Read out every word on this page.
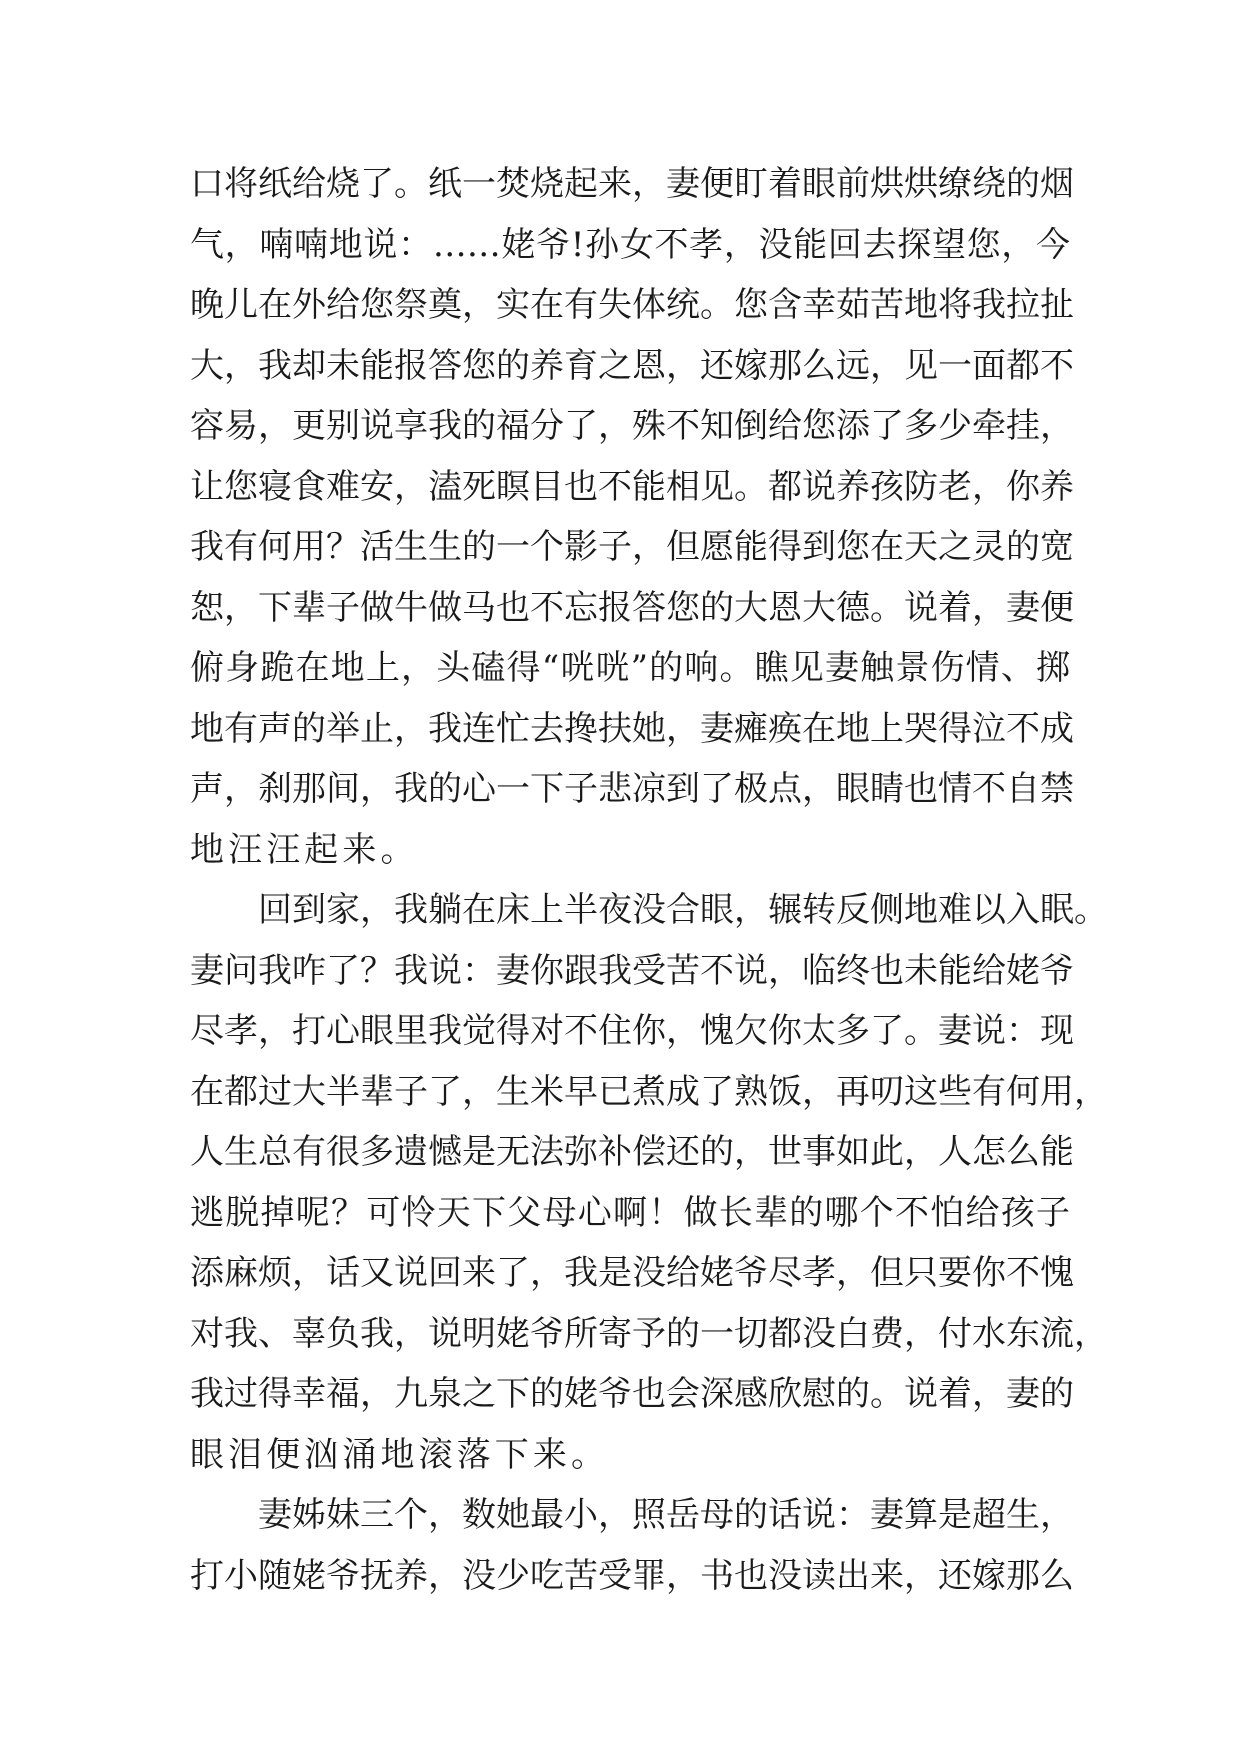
口将纸给烧了。纸一焚烧起来，妻便盯着眼前烘烘缭绕的烟
气，喃喃地说：……姥爷!孙女不孝，没能回去探望您，今
晚儿在外给您祭奠，实在有失体统。您含幸茹苦地将我拉扯
大，我却未能报答您的养育之恩，还嫁那么远，见一面都不
容易，更别说享我的福分了，殊不知倒给您添了多少牵挂，
让您寝食难安，溘死瞑目也不能相见。都说养孩防老，你养
我有何用？活生生的一个影子，但愿能得到您在天之灵的宽
恕，下辈子做牛做马也不忘报答您的大恩大德。说着，妻便
俯身跪在地上，头磕得“咣咣”的响。瞧见妻触景伤情、掷
地有声的举止，我连忙去搀扶她，妻瘫痪在地上哭得泣不成
声，刹那间，我的心一下子悲凉到了极点，眼睛也情不自禁
地汪汪起来。
回到家，我躺在床上半夜没合眼，辗转反侧地难以入眠。
妻问我咋了？我说：妻你跟我受苦不说，临终也未能给姥爷
尽孝，打心眼里我觉得对不住你，愧欠你太多了。妻说：现
在都过大半辈子了，生米早已煮成了熟饭，再叨这些有何用，
人生总有很多遗憾是无法弥补偿还的，世事如此，人怎么能
逃脱掉呢？可怜天下父母心啊！做长辈的哪个不怕给孩子
添麻烦，话又说回来了，我是没给姥爷尽孝，但只要你不愧
对我、辜负我，说明姥爷所寄予的一切都没白费，付水东流，
我过得幸福，九泉之下的姥爷也会深感欣慰的。说着，妻的
眼泪便汹涌地滚落下来。
妻姊妹三个，数她最小，照岳母的话说：妻算是超生，
打小随姥爷抚养，没少吃苦受罪，书也没读出来，还嫁那么
